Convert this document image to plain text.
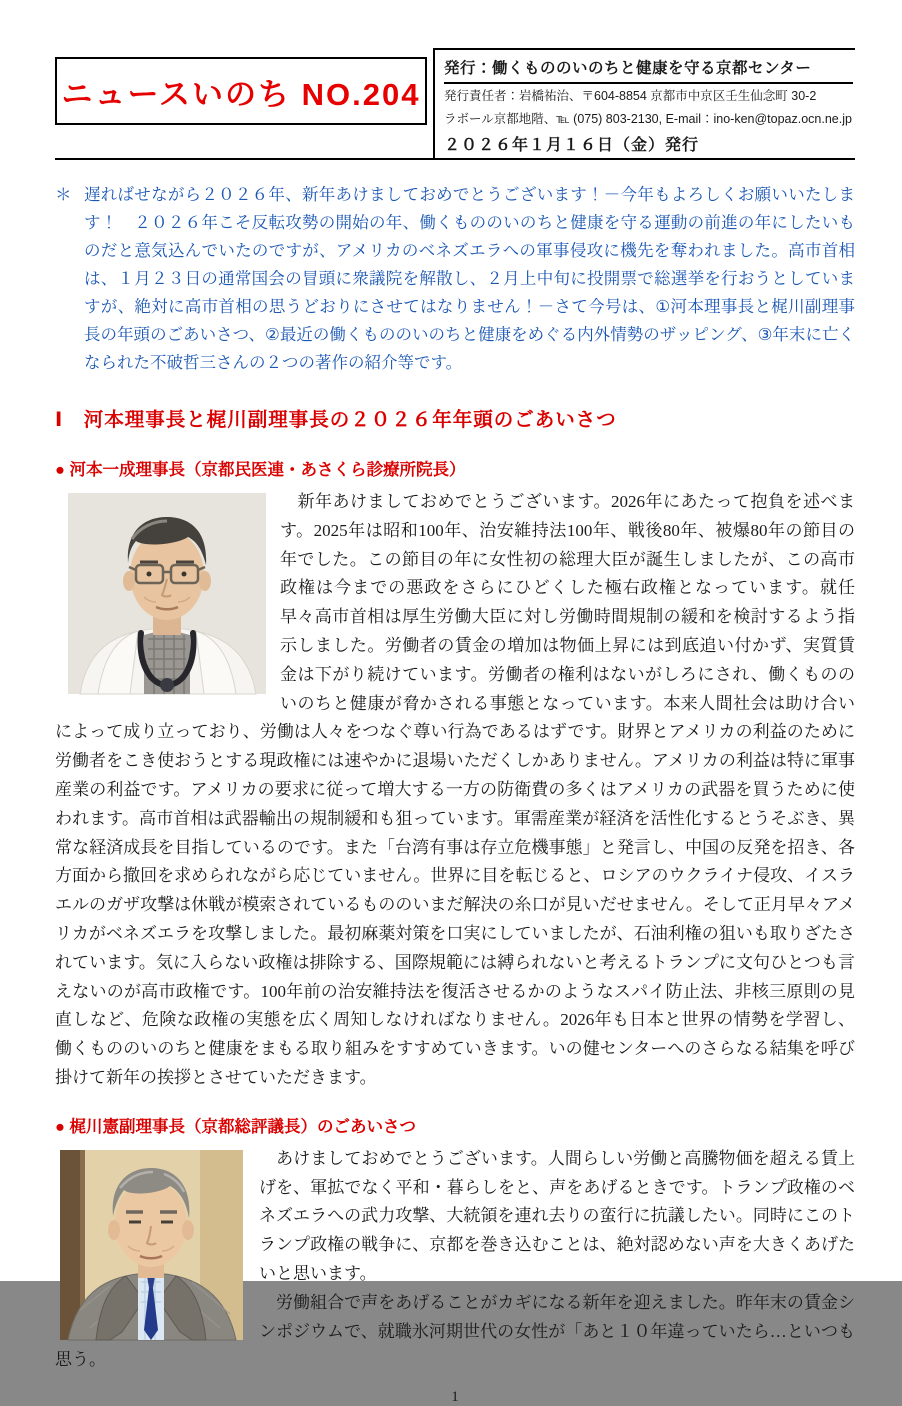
ニュースいのち NO.204
発行：働くもののいのちと健康を守る京都センター
発行責任者：岩橋祐治、〒604-8854 京都市中京区壬生仙念町 30-2
ラボール京都地階、℡ (075) 803-2130, E-mail：ino-ken@topaz.ocn.ne.jp
２０２６年１月１６日（金）発行
＊ 遅ればせながら２０２６年、新年あけましておめでとうございます！－今年もよろしくお願いいたします！　２０２６年こそ反転攻勢の開始の年、働くもののいのちと健康を守る運動の前進の年にしたいものだと意気込んでいたのですが、アメリカのベネズエラへの軍事侵攻に機先を奪われました。高市首相は、１月２３日の通常国会の冒頭に衆議院を解散し、２月上中旬に投開票で総選挙を行おうとしていますが、絶対に高市首相の思うどおりにさせてはなりません！－さて今号は、①河本理事長と梶川副理事長の年頭のごあいさつ、②最近の働くもののいのちと健康をめぐる内外情勢のザッピング、③年末に亡くなられた不破哲三さんの２つの著作の紹介等です。

Ⅰ　河本理事長と梶川副理事長の２０２６年年頭のごあいさつ
● 河本一成理事長（京都民医連・あさくら診療所院長）

　新年あけましておめでとうございます。2026年にあたって抱負を述べます。2025年は昭和100年、治安維持法100年、戦後80年、被爆80年の節目の年でした。この節目の年に女性初の総理大臣が誕生しましたが、この高市政権は今までの悪政をさらにひどくした極右政権となっています。就任早々高市首相は厚生労働大臣に対し労働時間規制の緩和を検討するよう指示しました。労働者の賃金の増加は物価上昇には到底追い付かず、実質賃金は下がり続けています。労働者の権利はないがしろにされ、働くもののいのちと健康が脅かされる事態となっています。本来人間社会は助け合いによって成り立っており、労働は人々をつなぐ尊い行為であるはずです。財界とアメリカの利益のために労働者をこき使おうとする現政権には速やかに退場いただくしかありません。アメリカの利益は特に軍事産業の利益です。アメリカの要求に従って増大する一方の防衛費の多くはアメリカの武器を買うために使われます。高市首相は武器輸出の規制緩和も狙っています。軍需産業が経済を活性化するとうそぶき、異常な経済成長を目指しているのです。また「台湾有事は存立危機事態」と発言し、中国の反発を招き、各方面から撤回を求められながら応じていません。世界に目を転じると、ロシアのウクライナ侵攻、イスラエルのガザ攻撃は休戦が模索されているもののいまだ解決の糸口が見いだせません。そして正月早々アメリカがベネズエラを攻撃しました。最初麻薬対策を口実にしていましたが、石油利権の狙いも取りざたされています。気に入らない政権は排除する、国際規範には縛られないと考えるトランプに文句ひとつも言えないのが高市政権です。100年前の治安維持法を復活させるかのようなスパイ防止法、非核三原則の見直しなど、危険な政権の実態を広く周知しなければなりません。2026年も日本と世界の情勢を学習し、働くもののいのちと健康をまもる取り組みをすすめていきます。いの健センターへのさらなる結集を呼び掛けて新年の挨拶とさせていただきます。

● 梶川憲副理事長（京都総評議長）のごあいさつ

　あけましておめでとうございます。人間らしい労働と高騰物価を超える賃上げを、軍拡でなく平和・暮らしをと、声をあげるときです。トランプ政権のベネズエラへの武力攻撃、大統領を連れ去りの蛮行に抗議したい。同時にこのトランプ政権の戦争に、京都を巻き込むことは、絶対認めない声を大きくあげたいと思います。

　労働組合で声をあげることがカギになる新年を迎えました。昨年末の賃金シンポジウムで、就職氷河期世代の女性が「あと１０年違っていたら…といつも思う。

1
